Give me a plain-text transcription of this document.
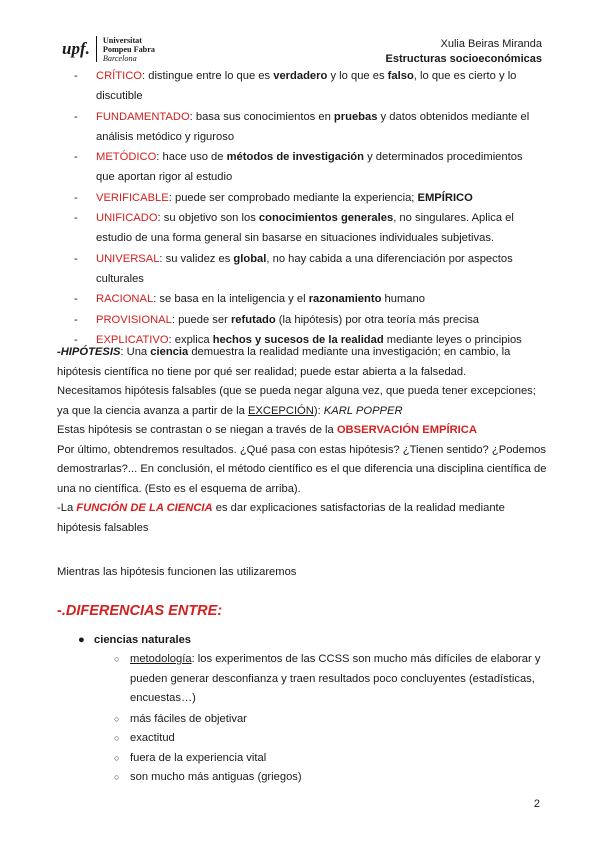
upf.	Universitat
Pompeu Fabra
Barcelona
Xulia Beiras Miranda
Estructuras socioeconómicas
- CRÍTICO: distingue entre lo que es verdadero y lo que es falso, lo que es cierto y lo discutible
- FUNDAMENTADO: basa sus conocimientos en pruebas y datos obtenidos mediante el análisis metódico y riguroso
- METÓDICO: hace uso de métodos de investigación y determinados procedimientos que aportan rigor al estudio
- VERIFICABLE: puede ser comprobado mediante la experiencia; EMPÍRICO
- UNIFICADO: su objetivo son los conocimientos generales, no singulares. Aplica el estudio de una forma general sin basarse en situaciones individuales subjetivas.
- UNIVERSAL: su validez es global, no hay cabida a una diferenciación por aspectos culturales
- RACIONAL: se basa en la inteligencia y el razonamiento humano
- PROVISIONAL: puede ser refutado (la hipótesis) por otra teoría más precisa
- EXPLICATIVO: explica hechos y sucesos de la realidad mediante leyes o principios
-HIPÓTESIS: Una ciencia demuestra la realidad mediante una investigación; en cambio, la hipótesis científica no tiene por qué ser realidad; puede estar abierta a la falsedad.
Necesitamos hipótesis falsables (que se pueda negar alguna vez, que pueda tener excepciones; ya que la ciencia avanza a partir de la EXCEPCIÓN): KARL POPPER
Estas hipótesis se contrastan o se niegan a través de la OBSERVACIÓN EMPÍRICA
Por último, obtendremos resultados. ¿Qué pasa con estas hipótesis? ¿Tienen sentido? ¿Podemos demostrarlas?... En conclusión, el método científico es el que diferencia una disciplina científica de una no científica. (Esto es el esquema de arriba).
-La FUNCIÓN DE LA CIENCIA es dar explicaciones satisfactorias de la realidad mediante hipótesis falsables
Mientras las hipótesis funcionen las utilizaremos
-.DIFERENCIAS ENTRE:
● ciencias naturales
○ metodología: los experimentos de las CCSS son mucho más difíciles de elaborar y pueden generar desconfianza y traen resultados poco concluyentes (estadísticas, encuestas…)
○ más fáciles de objetivar
○ exactitud
○ fuera de la experiencia vital
○ son mucho más antiguas (griegos)
2
